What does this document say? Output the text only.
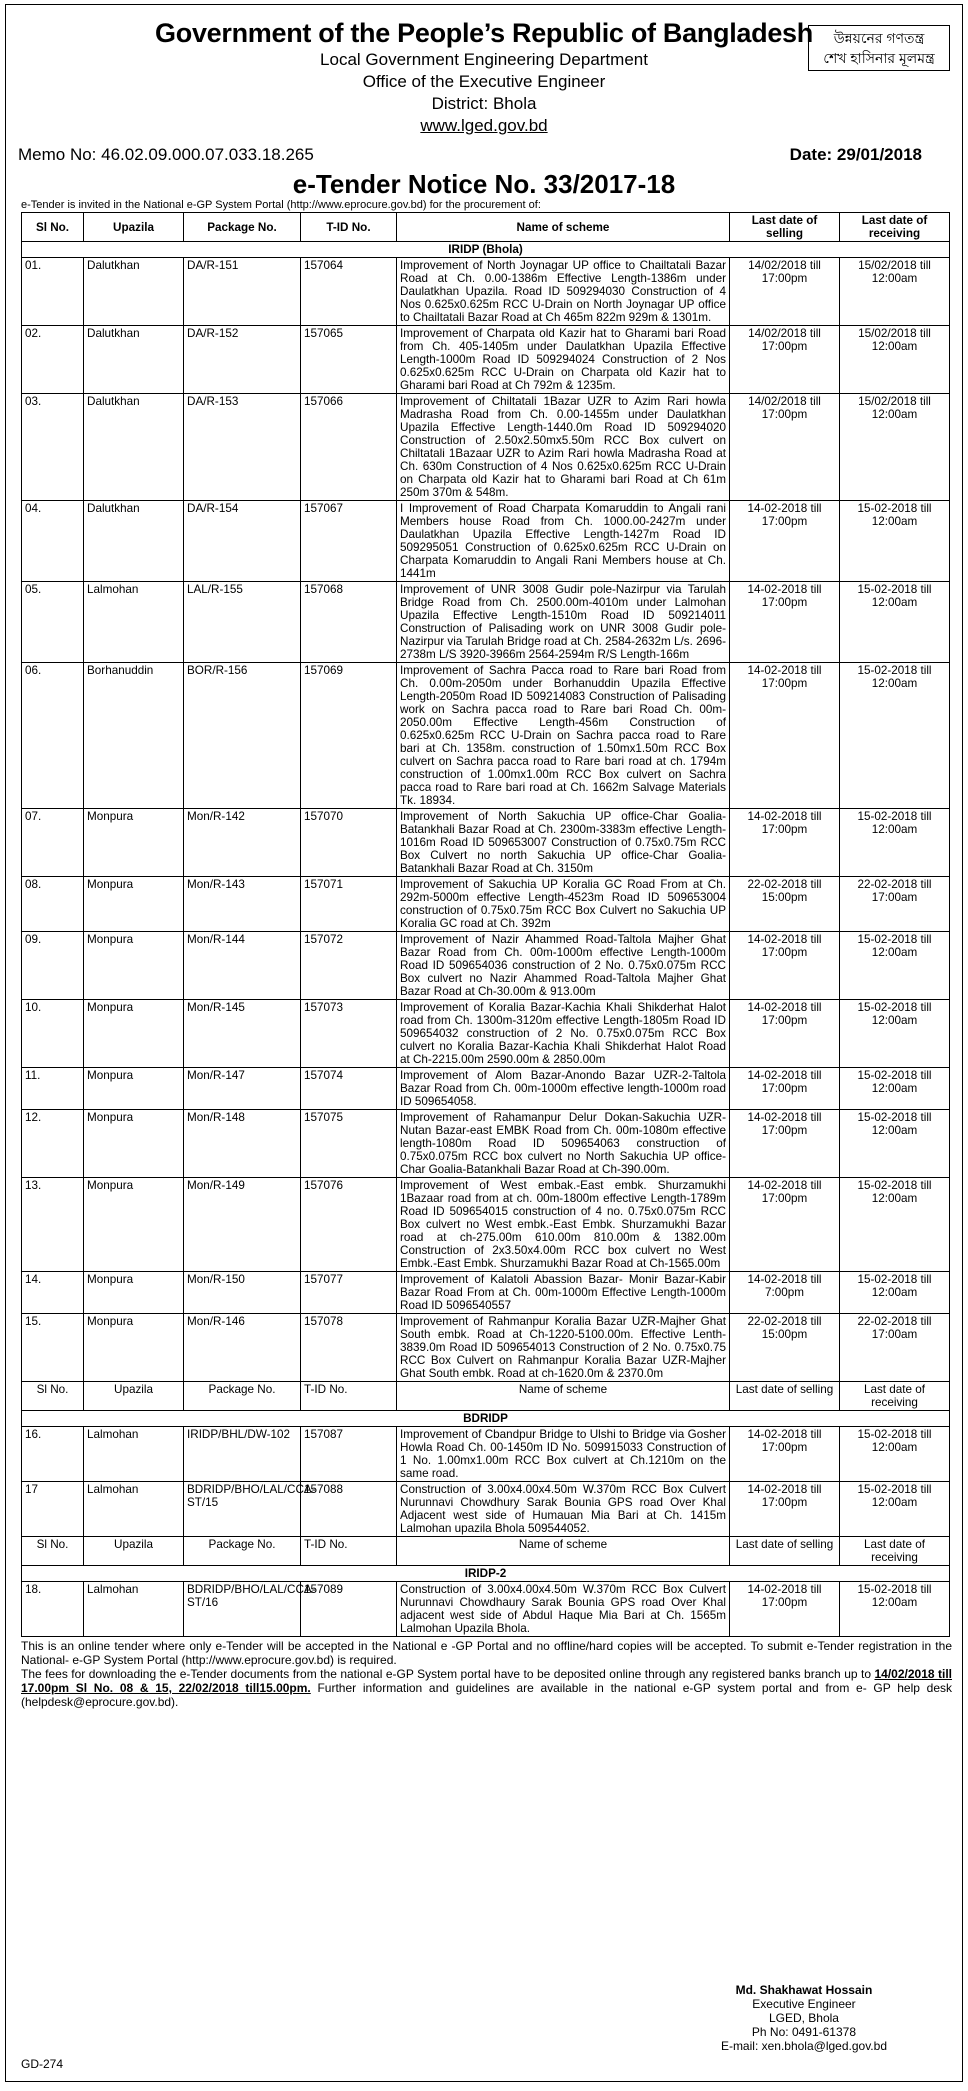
Government of the People’s Republic of Bangladesh
Local Government Engineering Department
Office of the Executive Engineer
District: Bhola
www.lged.gov.bd
উন্নয়নের গণতন্ত্র
শেখ হাসিনার মূলমন্ত্র
Memo No: 46.02.09.000.07.033.18.265	Date: 29/01/2018
e-Tender Notice No. 33/2017-18
e-Tender is invited in the National e-GP System Portal (http://www.eprocure.gov.bd) for the procurement of:
Sl No.	Upazila	Package No.	T-ID No.	Name of scheme	Last date of selling	Last date of receiving
IRIDP (Bhola)						
01.	Dalutkhan	DA/R-151	157064	Improvement of North Joynagar UP office to Chailtatali Bazar Road at Ch. 0.00-1386m Effective Length-1386m under Daulatkhan Upazila. Road ID 509294030 Construction of 4 Nos 0.625x0.625m RCC U-Drain on North Joynagar UP office to Chailtatali Bazar Road at Ch 465m 822m 929m & 1301m.	14/02/2018 till 17:00pm	15/02/2018 till 12:00am
02.	Dalutkhan	DA/R-152	157065	Improvement of Charpata old Kazir hat to Gharami bari Road from Ch. 405-1405m under Daulatkhan Upazila Effective Length-1000m Road ID 509294024 Construction of 2 Nos 0.625x0.625m RCC U-Drain on Charpata old Kazir hat to Gharami bari Road at Ch 792m & 1235m.	14/02/2018 till 17:00pm	15/02/2018 till 12:00am
03.	Dalutkhan	DA/R-153	157066	Improvement of Chiltatali 1Bazar UZR to Azim Rari howla Madrasha Road from Ch. 0.00-1455m under Daulatkhan Upazila Effective Length-1440.0m Road ID 509294020 Construction of 2.50x2.50mx5.50m RCC Box culvert on Chiltatali 1Bazaar UZR to Azim Rari howla Madrasha Road at Ch. 630m Construction of 4 Nos 0.625x0.625m RCC U-Drain on Charpata old Kazir hat to Gharami bari Road at Ch 61m 250m 370m & 548m.	14/02/2018 till 17:00pm	15/02/2018 till 12:00am
04.	Dalutkhan	DA/R-154	157067	I Improvement of Road Charpata Komaruddin to Angali rani Members house Road from Ch. 1000.00-2427m under Daulatkhan Upazila Effective Length-1427m Road ID 509295051 Construction of 0.625x0.625m RCC U-Drain on Charpata Komaruddin to Angali Rani Members house at Ch. 1441m	14-02-2018 till 17:00pm	15-02-2018 till 12:00am
05.	Lalmohan	LAL/R-155	157068	Improvement of UNR 3008 Gudir pole-Nazirpur via Tarulah Bridge Road from Ch. 2500.00m-4010m under Lalmohan Upazila Effective Length-1510m Road ID 509214011 Construction of Palisading work on UNR 3008 Gudir pole-Nazirpur via Tarulah Bridge road at Ch. 2584-2632m L/s. 2696-2738m L/S 3920-3966m 2564-2594m R/S Length-166m	14-02-2018 till 17:00pm	15-02-2018 till 12:00am
06.	Borhanuddin	BOR/R-156	157069	Improvement of Sachra Pacca road to Rare bari Road from Ch. 0.00m-2050m under Borhanuddin Upazila Effective Length-2050m Road ID 509214083 Construction of Palisading work on Sachra pacca road to Rare bari Road Ch. 00m-2050.00m Effective Length-456m Construction of 0.625x0.625m RCC U-Drain on Sachra pacca road to Rare bari at Ch. 1358m. construction of 1.50mx1.50m RCC Box culvert on Sachra pacca road to Rare bari road at ch. 1794m construction of 1.00mx1.00m RCC Box culvert on Sachra pacca road to Rare bari road at Ch. 1662m Salvage Materials Tk. 18934.	14-02-2018 till 17:00pm	15-02-2018 till 12:00am
07.	Monpura	Mon/R-142	157070	Improvement of North Sakuchia UP office-Char Goalia-Batankhali Bazar Road at Ch. 2300m-3383m effective Length-1016m Road ID 509653007 Construction of 0.75x0.75m RCC Box Culvert no north Sakuchia UP office-Char Goalia-Batankhali Bazar Road at Ch. 3150m	14-02-2018 till 17:00pm	15-02-2018 till 12:00am
08.	Monpura	Mon/R-143	157071	Improvement of Sakuchia UP Koralia GC Road From at Ch. 292m-5000m effective Length-4523m Road ID 509653004 construction of 0.75x0.75m RCC Box Culvert no Sakuchia UP Koralia GC road at Ch. 392m	22-02-2018 till 15:00pm	22-02-2018 till 17:00am
09.	Monpura	Mon/R-144	157072	Improvement of Nazir Ahammed Road-Taltola Majher Ghat Bazar Road from Ch. 00m-1000m effective Length-1000m Road ID 509654036 construction of 2 No. 0.75x0.075m RCC Box culvert no Nazir Ahammed Road-Taltola Majher Ghat Bazar Road at Ch-30.00m & 913.00m	14-02-2018 till 17:00pm	15-02-2018 till 12:00am
10.	Monpura	Mon/R-145	157073	Improvement of Koralia Bazar-Kachia Khali Shikderhat Halot road from Ch. 1300m-3120m effective Length-1805m Road ID 509654032 construction of 2 No. 0.75x0.075m RCC Box culvert no Koralia Bazar-Kachia Khali Shikderhat Halot Road at Ch-2215.00m 2590.00m & 2850.00m	14-02-2018 till 17:00pm	15-02-2018 till 12:00am
11.	Monpura	Mon/R-147	157074	Improvement of Alom Bazar-Anondo Bazar UZR-2-Taltola Bazar Road from Ch. 00m-1000m effective length-1000m road ID 509654058.	14-02-2018 till 17:00pm	15-02-2018 till 12:00am
12.	Monpura	Mon/R-148	157075	Improvement of Rahamanpur Delur Dokan-Sakuchia UZR-Nutan Bazar-east EMBK Road from Ch. 00m-1080m effective length-1080m Road ID 509654063 construction of 0.75x0.075m RCC box culvert no North Sakuchia UP office-Char Goalia-Batankhali Bazar Road at Ch-390.00m.	14-02-2018 till 17:00pm	15-02-2018 till 12:00am
13.	Monpura	Mon/R-149	157076	Improvement of West embak.-East embk. Shurzamukhi 1Bazaar road from at ch. 00m-1800m effective Length-1789m Road ID 509654015 construction of 4 no. 0.75x0.075m RCC Box culvert no West embk.-East Embk. Shurzamukhi Bazar road at ch-275.00m 610.00m 810.00m & 1382.00m Construction of 2x3.50x4.00m RCC box culvert no West Embk.-East Embk. Shurzamukhi Bazar Road at Ch-1565.00m	14-02-2018 till 17:00pm	15-02-2018 till 12:00am
14.	Monpura	Mon/R-150	157077	Improvement of Kalatoli Abassion Bazar- Monir Bazar-Kabir Bazar Road From at Ch. 00m-1000m Effective Length-1000m Road ID 5096540557	14-02-2018 till 7:00pm	15-02-2018 till 12:00am
15.	Monpura	Mon/R-146	157078	Improvement of Rahmanpur Koralia Bazar UZR-Majher Ghat South embk. Road at Ch-1220-5100.00m. Effective Lenth-3839.0m Road ID 509654013 Construction of 2 No. 0.75x0.75 RCC Box Culvert on Rahmanpur Koralia Bazar UZR-Majher Ghat South embk. Road at ch-1620.0m & 2370.0m	22-02-2018 till 15:00pm	22-02-2018 till 17:00am
Sl No.	Upazila	Package No.	T-ID No.	Name of scheme	Last date of selling	Last date of receiving
BDRIDP						
16.	Lalmohan	IRIDP/BHL/DW-102	157087	Improvement of Cbandpur Bridge to Ulshi to Bridge via Gosher Howla Road Ch. 00-1450m ID No. 509915033 Construction of 1 No. 1.00mx1.00m RCC Box culvert at Ch.1210m on the same road.	14-02-2018 till 17:00pm	15-02-2018 till 12:00am
17	Lalmohan	BDRIDP/BHO/LAL/CCA-ST/15	157088	Construction of 3.00x4.00x4.50m W.370m RCC Box Culvert Nurunnavi Chowdhury Sarak Bounia GPS road Over Khal Adjacent west side of Humauan Mia Bari at Ch. 1415m Lalmohan upazila Bhola 509544052.	14-02-2018 till 17:00pm	15-02-2018 till 12:00am
Sl No.	Upazila	Package No.	T-ID No.	Name of scheme	Last date of selling	Last date of receiving
IRIDP-2						
18.	Lalmohan	BDRIDP/BHO/LAL/CCA-ST/16	157089	Construction of 3.00x4.00x4.50m W.370m RCC Box Culvert Nurunnavi Chowdhaury Sarak Bounia GPS road Over Khal adjacent west side of Abdul Haque Mia Bari at Ch. 1565m Lalmohan Upazila Bhola.	14-02-2018 till 17:00pm	15-02-2018 till 12:00am
This is an online tender where only e-Tender will be accepted in the National e -GP Portal and no offline/hard copies will be accepted. To submit e-Tender registration in the National- e-GP System Portal (http://www.eprocure.gov.bd) is required.
The fees for downloading the e-Tender documents from the national e-GP System portal have to be deposited online through any registered banks branch up to 14/02/2018 till 17.00pm Sl No. 08 & 15, 22/02/2018 till15.00pm. Further information and guidelines are available in the national e-GP system portal and from e- GP help desk (helpdesk@eprocure.gov.bd).
Md. Shakhawat Hossain
Executive Engineer
LGED, Bhola
Ph No: 0491-61378
E-mail: xen.bhola@lged.gov.bd
GD-274
